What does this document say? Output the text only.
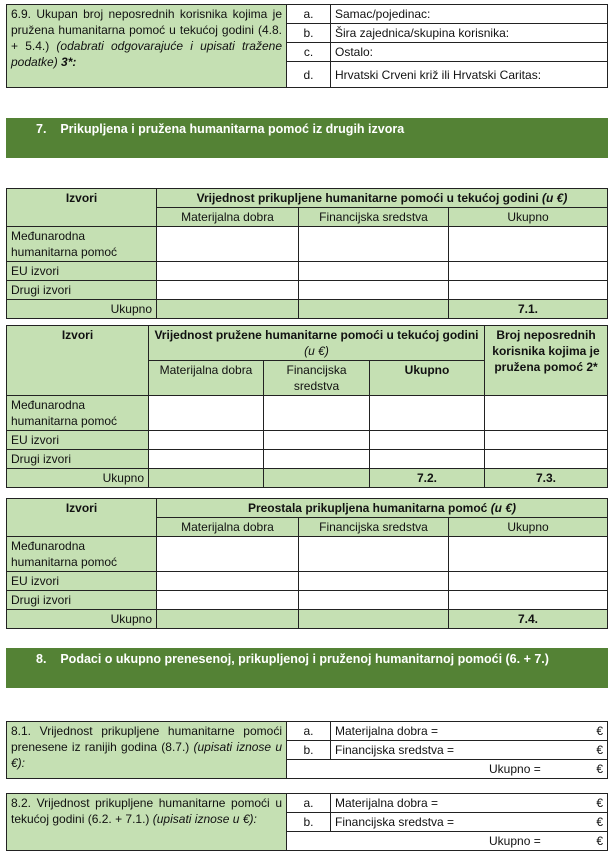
6.9. Ukupan broj neposrednih korisnika kojima je pružena humanitarna pomoć u tekućoj godini (4.8. + 5.4.) (odabrati odgovarajuće i upisati tražene podatke) 3*:	a.	Samac/pojedinac:
	b.	Šira zajednica/skupina korisnika:
	c.	Ostalo:
	d.	Hrvatski Crveni križ ili Hrvatski Caritas:
7. Prikupljena i pružena humanitarna pomoć iz drugih izvora
Izvori	Vrijednost prikupljene humanitarne pomoći u tekućoj godini (u €)		
	Materijalna dobra	Financijska sredstva	Ukupno
Međunarodna humanitarna pomoć			
EU izvori			
Drugi izvori			
Ukupno			7.1.
Izvori	Vrijednost pružene humanitarne pomoći u tekućoj godini (u €)			Broj neposrednih korisnika kojima je pružena pomoć 2*
	Materijalna dobra	Financijska sredstva	Ukupno	
Međunarodna humanitarna pomoć				
EU izvori				
Drugi izvori				
Ukupno			7.2.	7.3.
Izvori	Preostala prikupljena humanitarna pomoć (u €)		
	Materijalna dobra	Financijska sredstva	Ukupno
Međunarodna humanitarna pomoć			
EU izvori			
Drugi izvori			
Ukupno			7.4.
8. Podaci o ukupno prenesenoj, prikupljenoj i pruženoj humanitarnoj pomoći (6. + 7.)
8.1. Vrijednost prikupljene humanitarne pomoći prenesene iz ranijih godina (8.7.) (upisati iznose u €):	a.	Materijalna dobra = €

	b.	Financijska sredstva = €

	Ukupno = €	
8.2. Vrijednost prikupljene humanitarne pomoći u tekućoj godini (6.2. + 7.1.) (upisati iznose u €):	a.	Materijalna dobra = €

	b.	Financijska sredstva = €

	Ukupno = €	
